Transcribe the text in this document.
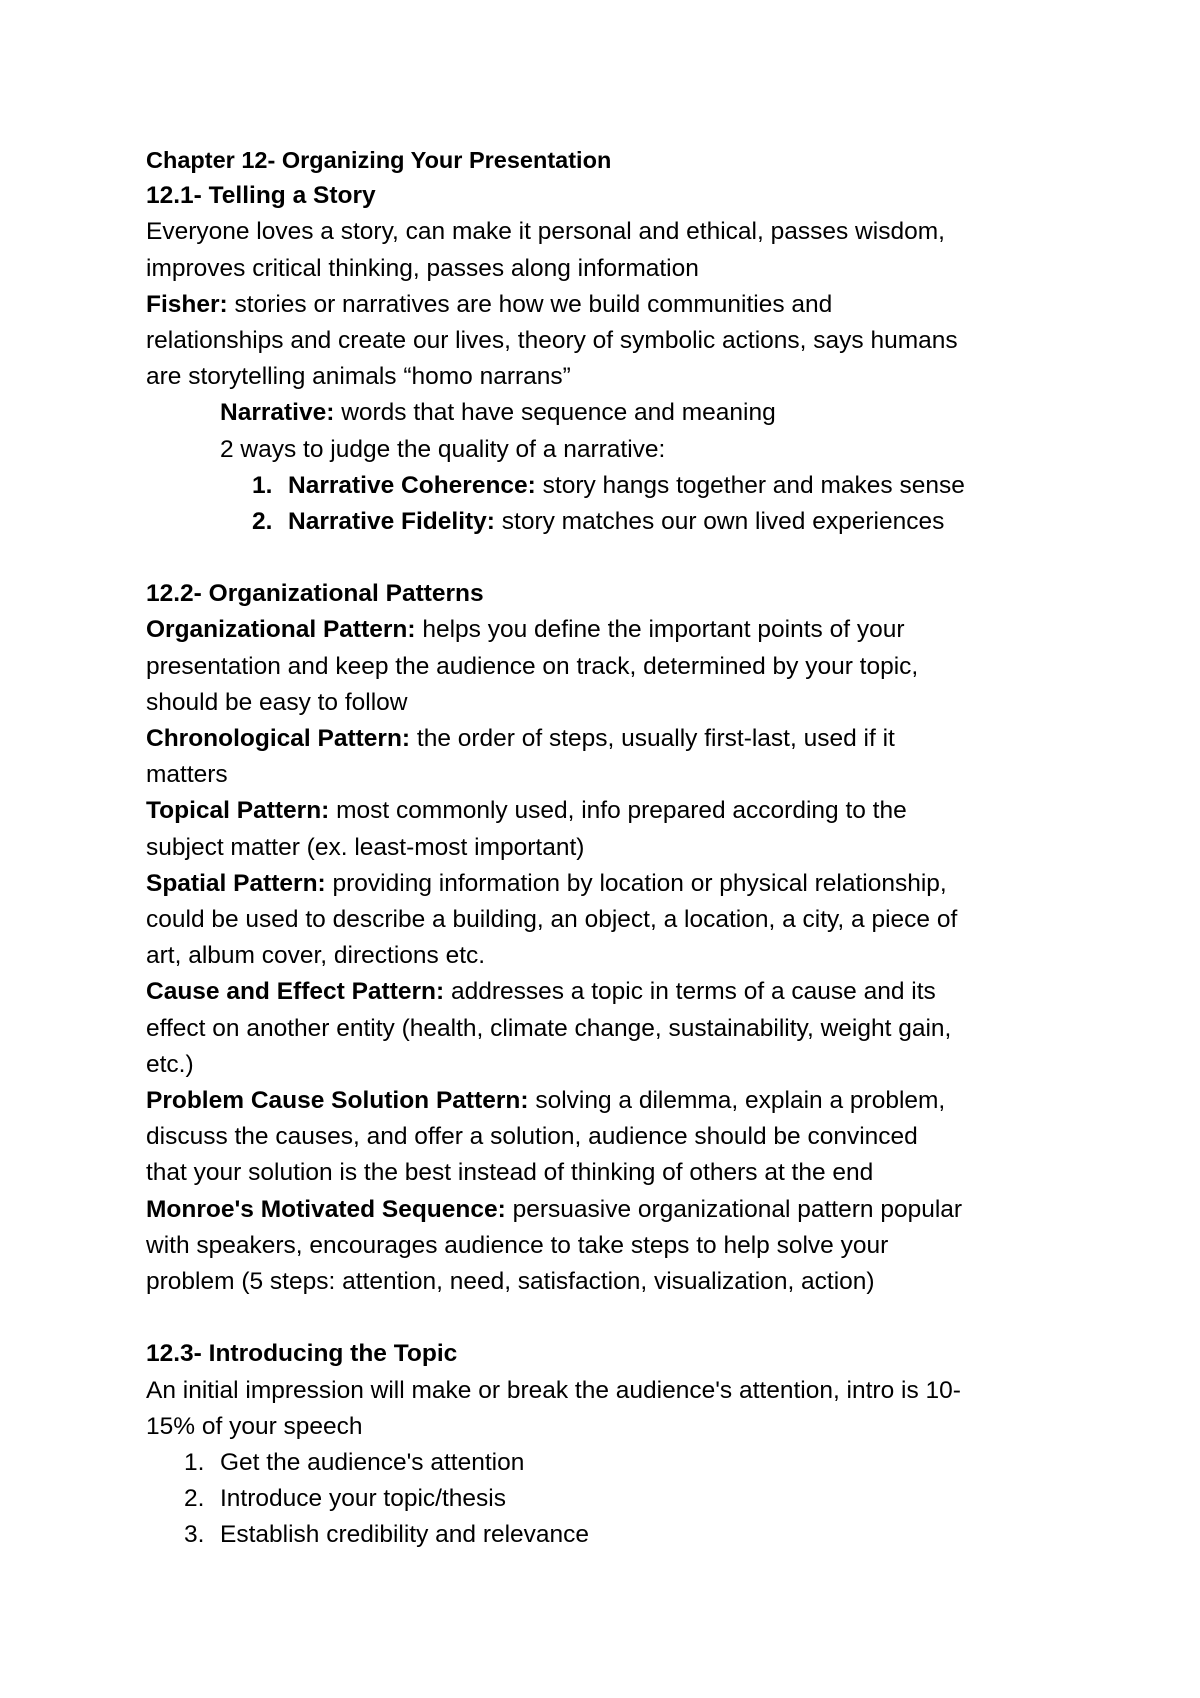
Chapter 12- Organizing Your Presentation

12.1- Telling a Story

Everyone loves a story, can make it personal and ethical, passes wisdom,

improves critical thinking, passes along information

Fisher: stories or narratives are how we build communities and

relationships and create our lives, theory of symbolic actions, says humans

are storytelling animals “homo narrans”

Narrative: words that have sequence and meaning

2 ways to judge the quality of a narrative:

1. Narrative Coherence: story hangs together and makes sense

2. Narrative Fidelity: story matches our own lived experiences

12.2- Organizational Patterns

Organizational Pattern: helps you define the important points of your

presentation and keep the audience on track, determined by your topic,

should be easy to follow

Chronological Pattern: the order of steps, usually first-last, used if it

matters

Topical Pattern: most commonly used, info prepared according to the

subject matter (ex. least-most important)

Spatial Pattern: providing information by location or physical relationship,

could be used to describe a building, an object, a location, a city, a piece of

art, album cover, directions etc.

Cause and Effect Pattern: addresses a topic in terms of a cause and its

effect on another entity (health, climate change, sustainability, weight gain,

etc.)

Problem Cause Solution Pattern: solving a dilemma, explain a problem,

discuss the causes, and offer a solution, audience should be convinced

that your solution is the best instead of thinking of others at the end

Monroe's Motivated Sequence: persuasive organizational pattern popular

with speakers, encourages audience to take steps to help solve your

problem (5 steps: attention, need, satisfaction, visualization, action)

12.3- Introducing the Topic

An initial impression will make or break the audience's attention, intro is 10-

15% of your speech

1. Get the audience's attention

2. Introduce your topic/thesis

3. Establish credibility and relevance
